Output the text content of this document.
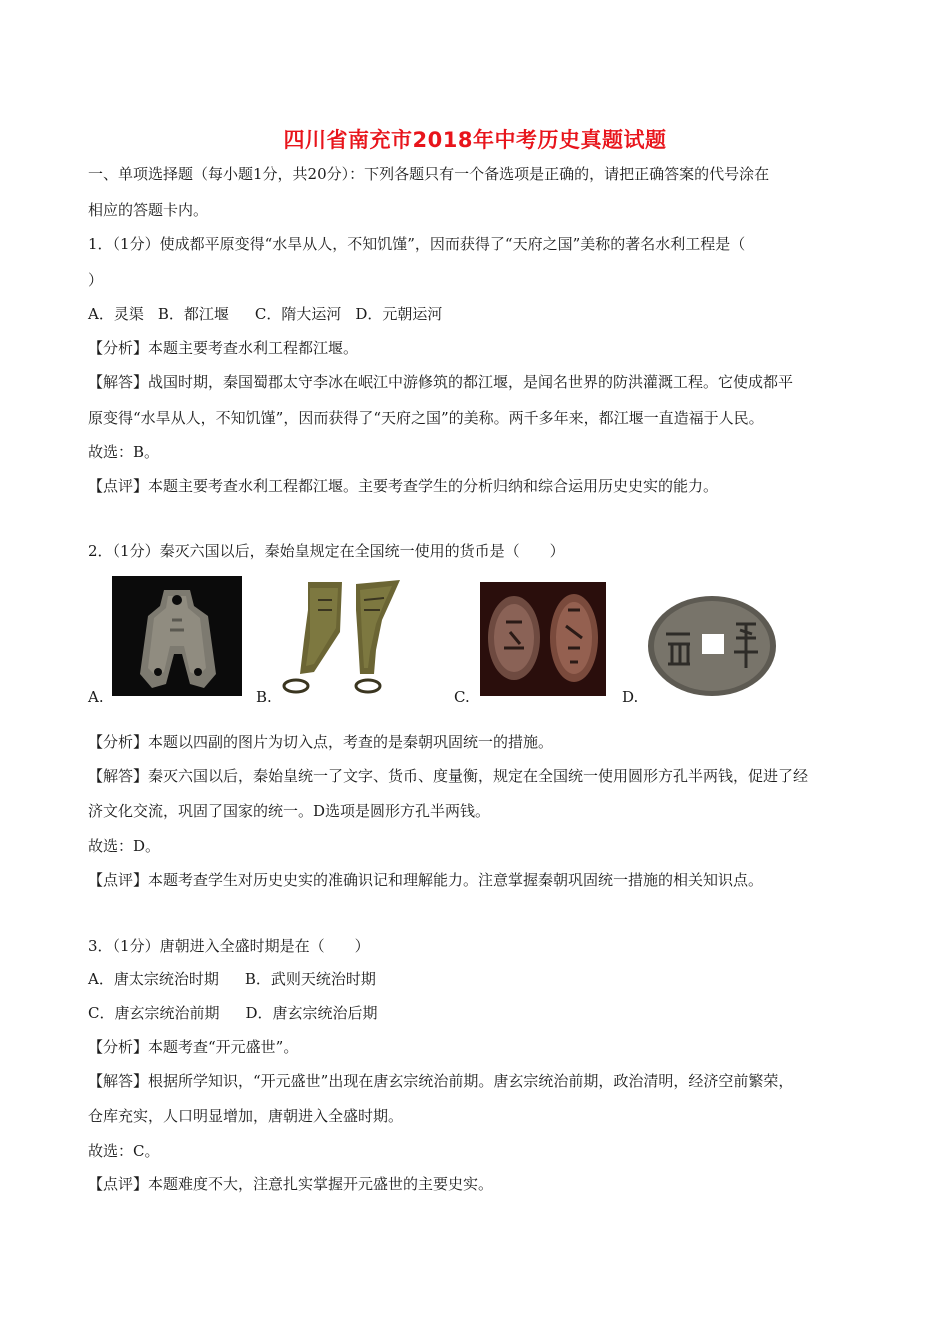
四川省南充市2018年中考历史真题试题
一、单项选择题（每小题1分，共20分）：下列各题只有一个备选项是正确的，请把正确答案的代号涂在
相应的答题卡内。
1．（1分）使成都平原变得“水旱从人，不知饥馑”，因而获得了“天府之国”美称的著名水利工程是（
）
A．灵渠 B．都江堰 C．隋大运河 D．元朝运河
【分析】本题主要考查水利工程都江堰。
【解答】战国时期，秦国蜀郡太守李冰在岷江中游修筑的都江堰，是闻名世界的防洪灌溉工程。它使成都平
原变得“水旱从人，不知饥馑”，因而获得了“天府之国”的美称。两千多年来，都江堰一直造福于人民。
故选：B。
【点评】本题主要考查水利工程都江堰。主要考查学生的分析归纳和综合运用历史史实的能力。
2．（1分）秦灭六国以后，秦始皇规定在全国统一使用的货币是（　　）
A.	B.	C.	D.
【分析】本题以四副的图片为切入点，考查的是秦朝巩固统一的措施。
【解答】秦灭六国以后，秦始皇统一了文字、货币、度量衡，规定在全国统一使用圆形方孔半两钱，促进了经
济文化交流，巩固了国家的统一。D选项是圆形方孔半两钱。
故选：D。
【点评】本题考查学生对历史史实的准确识记和理解能力。注意掌握秦朝巩固统一措施的相关知识点。
3．（1分）唐朝进入全盛时期是在（　　）
A．唐太宗统治时期 B．武则天统治时期
C．唐玄宗统治前期 D．唐玄宗统治后期
【分析】本题考查“开元盛世”。
【解答】根据所学知识，“开元盛世”出现在唐玄宗统治前期。唐玄宗统治前期，政治清明，经济空前繁荣，
仓库充实，人口明显增加，唐朝进入全盛时期。
故选：C。
【点评】本题难度不大，注意扎实掌握开元盛世的主要史实。
